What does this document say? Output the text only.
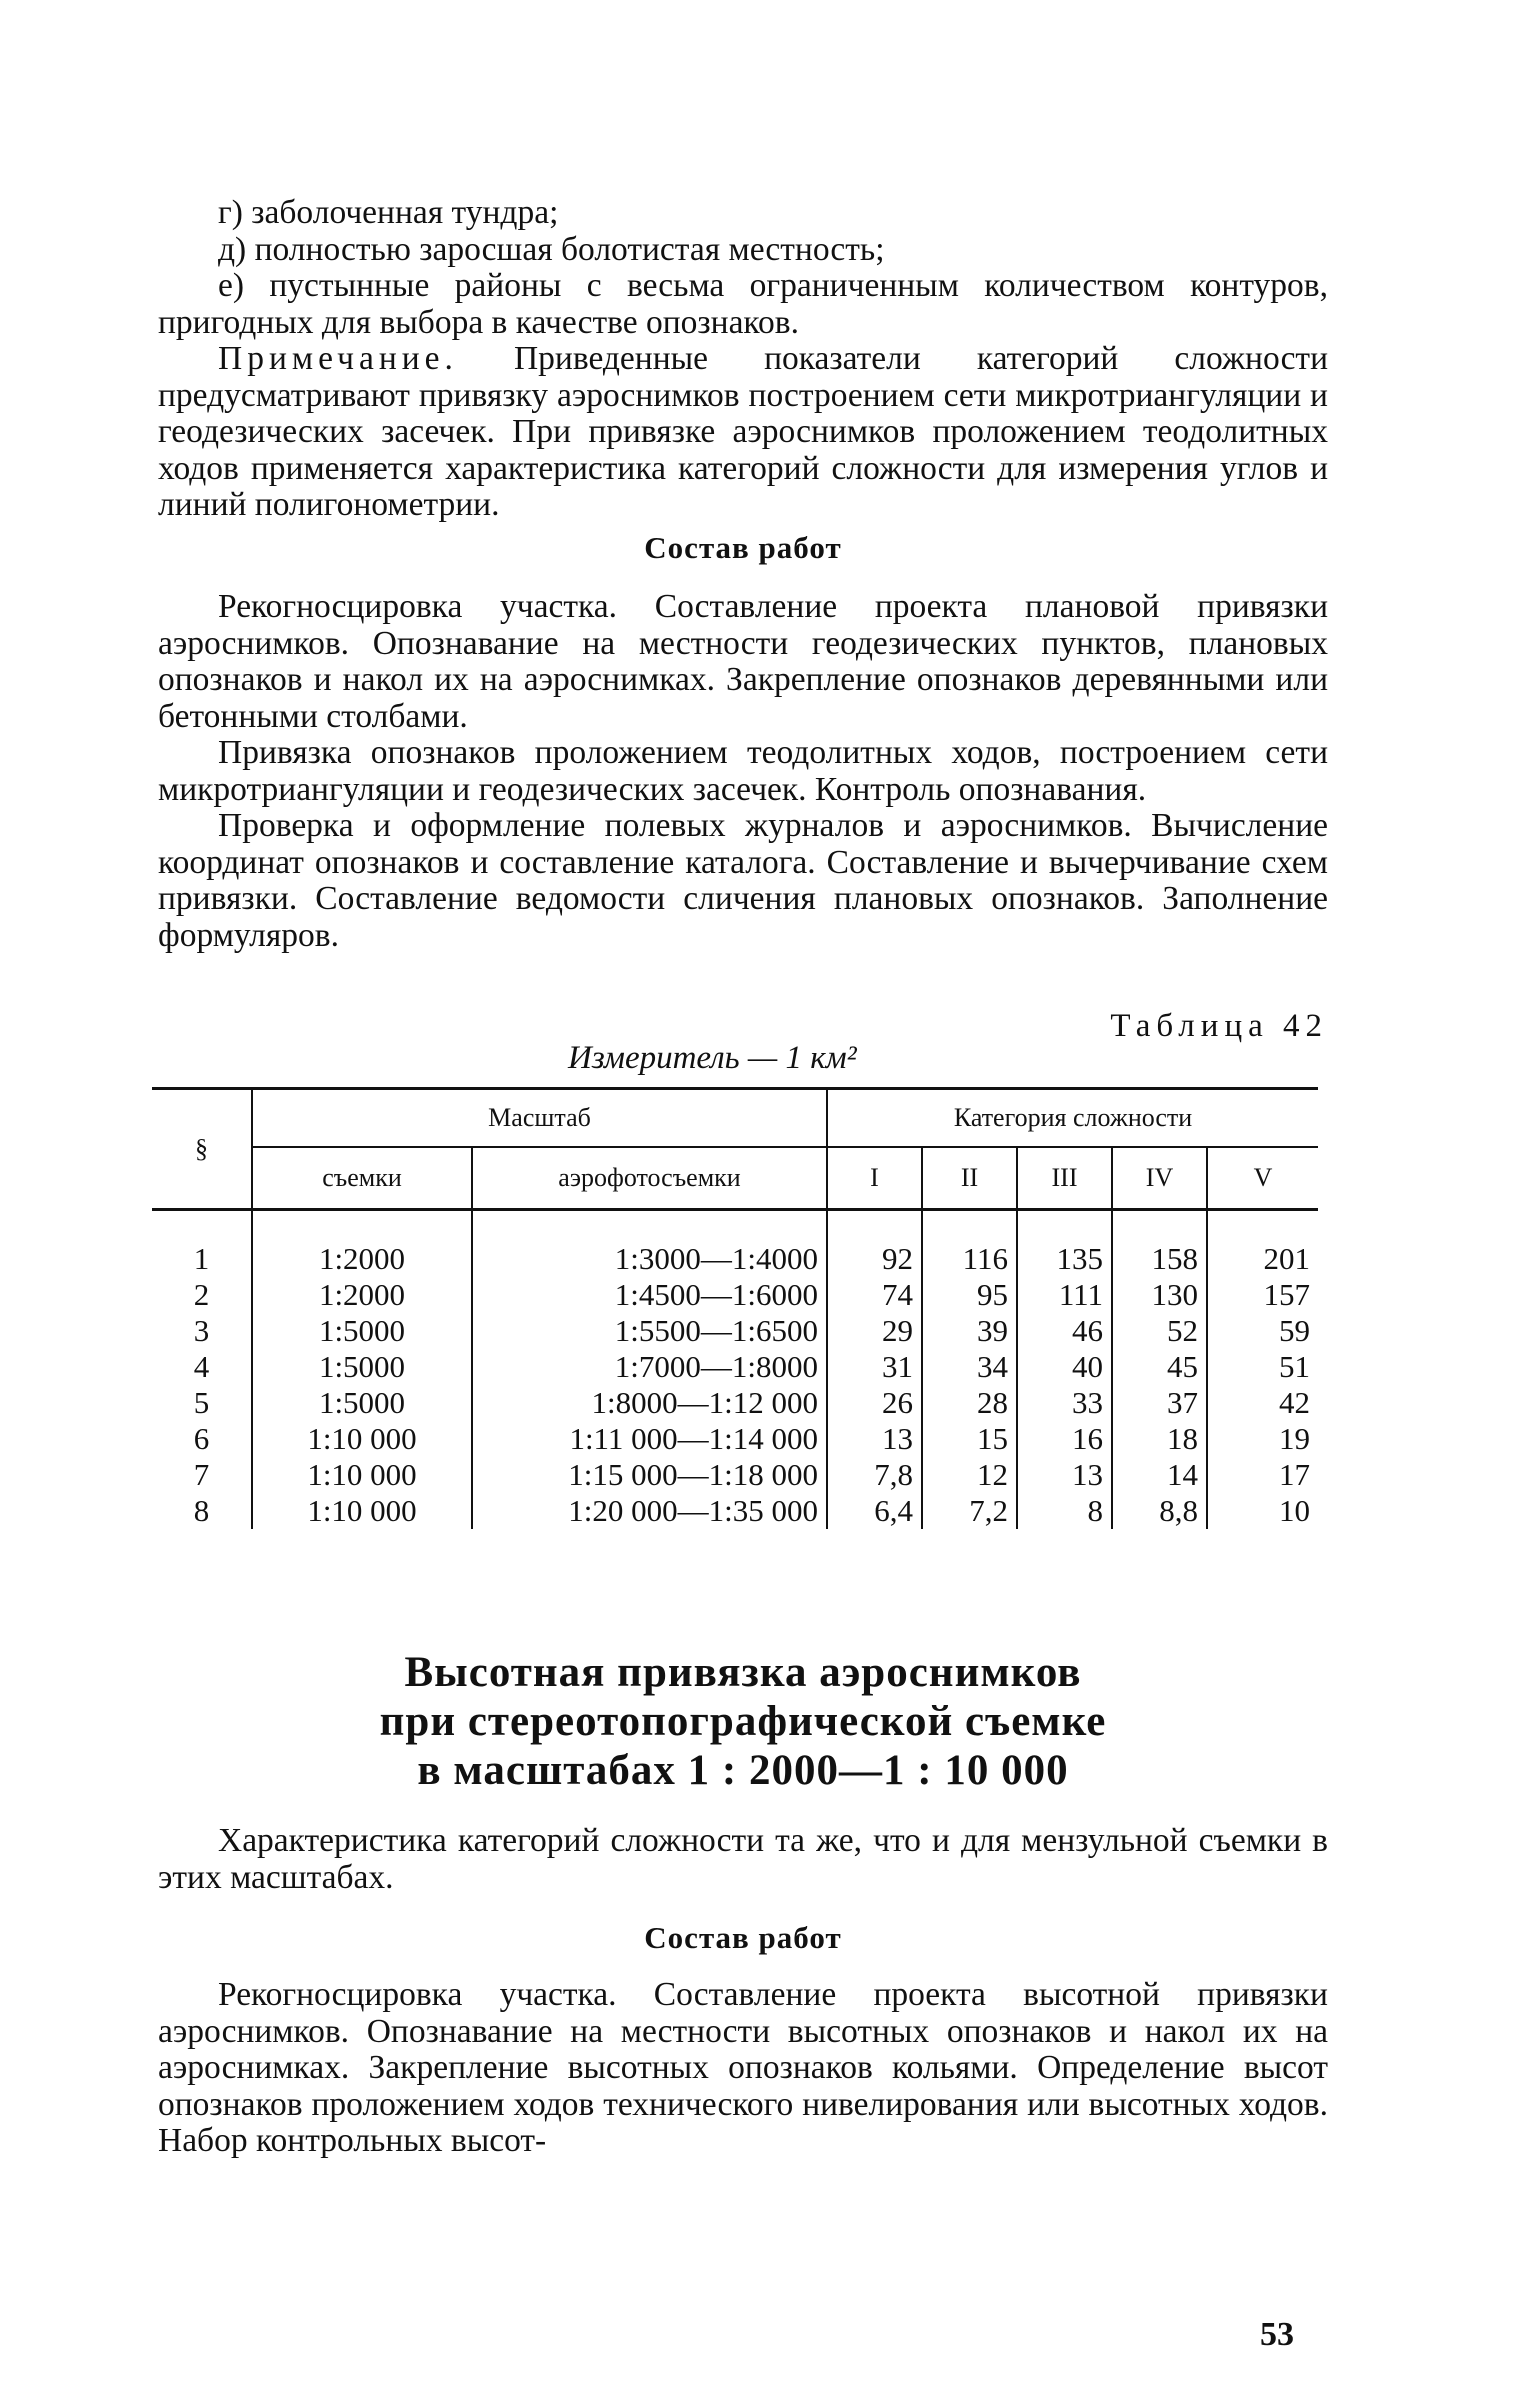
г) заболоченная тундра;

д) полностью заросшая болотистая местность;

е) пустынные районы с весьма ограниченным количеством контуров, пригодных для выбора в качестве опознаков.

Примечание. Приведенные показатели категорий сложности предусматривают привязку аэроснимков построением сети микротриангуляции и геодезических засечек. При привязке аэроснимков проложением теодолитных ходов применяется характеристика категорий сложности для измерения углов и линий полигонометрии.

Состав работ

Рекогносцировка участка. Составление проекта плановой привязки аэроснимков. Опознавание на местности геодезических пунктов, плановых опознаков и накол их на аэроснимках. Закрепление опознаков деревянными или бетонными столбами.

Привязка опознаков проложением теодолитных ходов, построением сети микротриангуляции и геодезических засечек. Контроль опознавания.

Проверка и оформление полевых журналов и аэроснимков. Вычисление координат опознаков и составление каталога. Составление и вычерчивание схем привязки. Составление ведомости сличения плановых опознаков. Заполнение формуляров.

Таблица 42
Измеритель — 1 км²
§	Масштаб		Категория сложности				
	съемки	аэрофотосъемки	I	II	III	IV	V
1	1:2000	1:3000—1:4000	92	116	135	158	201
2	1:2000	1:4500—1:6000	74	95	111	130	157
3	1:5000	1:5500—1:6500	29	39	46	52	59
4	1:5000	1:7000—1:8000	31	34	40	45	51
5	1:5000	1:8000—1:12 000	26	28	33	37	42
6	1:10 000	1:11 000—1:14 000	13	15	16	18	19
7	1:10 000	1:15 000—1:18 000	7,8	12	13	14	17
8	1:10 000	1:20 000—1:35 000	6,4	7,2	8	8,8	10
Высотная привязка аэроснимков
при стереотопографической съемке
в масштабах 1 : 2000—1 : 10 000

Характеристика категорий сложности та же, что и для мензульной съемки в этих масштабах.

Состав работ

Рекогносцировка участка. Составление проекта высотной привязки аэроснимков. Опознавание на местности высотных опознаков и накол их на аэроснимках. Закрепление высотных опознаков кольями. Определение высот опознаков проложением ходов технического нивелирования или высотных ходов. Набор контрольных высот-

53
